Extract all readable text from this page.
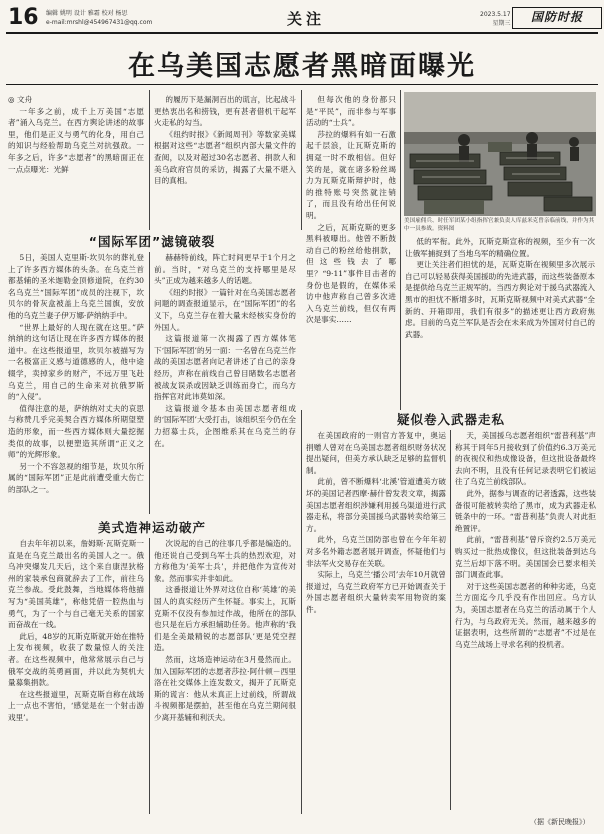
16 编辑 姚明 设计 雅霜 校对 杨思
e-mail:mrshl@454967431@qq.com	关注	2023.5.17
星期三	国防时报
在乌美国志愿者黑暗面曝光

◎ 文舟

一年多之前，成千上万美国“志愿者”涌入乌克兰。在西方舆论讲述的故事里，他们是正义与勇气的化身，用自己的知识与经验帮助乌克兰对抗强敌。一年多之后，许多“志愿者”的黑暗面正在一点点曝光：光鲜

的履历下是漏洞百出的谎言，比起战斗更热衷出名和捞钱，更有甚者借机干起军火走私的勾当。

《纽约时报》《新闻周刊》等数家美媒根据对这些“志愿者”组织内部大量文件的查阅，以及对超过30名志愿者、捐款人和美乌政府官员的采访，揭露了大量不堪入目的真相。

但每次他的身份都只是“平民”，而非参与军事活动的“士兵”。

莎拉的爆料有如一石激起千层浪，让瓦斯克斯的拥趸一时不敢相信。但好笑的是，就在诸多粉丝竭力为瓦斯克斯辩护时，他的推特账号突然就注销了，而且没有给出任何说明。

之后，瓦斯克斯的更多黑料被曝出。他曾不断鼓动自己的粉丝给他捐款，但这些钱去了哪里？“9·11”事件目击者的身份也是假的，在媒体采访中他声称自己曾多次进入乌克兰前线，但仅有两次是事实……

美国雇佣兵、时任军团某小组指挥官兼负责人库兹米克曾亲临前线，并作为其中一员参战。资料图

低的军衔。此外，瓦斯克斯宣称的视频，至少有一次让俄军捕捉到了当地乌军的精确位置。

更让关注者们担忧的是，瓦斯克斯在视频里多次展示自己可以轻易获得美国援助的先进武器，而这些装备原本是提供给乌克兰正规军的。当西方舆论对于援乌武器流入黑市的担忧不断增多时，瓦斯克斯视频中对美式武器“全新的、开箱即用，我们有很多”的描述更让西方政府焦虑。目前的乌克兰军队是否会在未来成为外国对付自己的武器。

“国际军团”滤镜破裂

5日，美国人克里斯·坎贝尔的葬礼登上了许多西方媒体的头条。在乌克兰首都基辅的圣米迦勒金顶修道院，在约30名乌克兰“国际军团”成员的注视下，坎贝尔的骨灰盒被盖上乌克兰国旗，安放他的乌克兰妻子伊万娜·萨纳纳手中。

“世界上最好的人现在就在这里。”萨纳纳的这句话让现在许多西方媒体的报道中。在这些报道里，坎贝尔被描写为一名极富正义感与道德感的人，他中途辍学，卖掉家乡的财产，不远万里飞赴乌克兰，用自己的生命来对抗俄罗斯的“入侵”。

值得注意的是，萨纳纳对丈夫的哀思与称赞几乎完美契合西方媒体所期望塑造的形象，而一些西方媒体则大量挖掘类似的故事，以便塑造其所谓“正义之师”的光辉形象。

另一个不容忽视的细节是，坎贝尔所属的“国际军团”正是此前遭受重大伤亡的部队之一。

赫赫特前线，阵亡时间更早于1个月之前。当时，“对乌克兰的支持哪里是尽头”正成为越来越多人的话题。

《纽约时报》一篇针对在乌美国志愿者问题的调查报道显示，在“国际军团”的名义下，乌克兰存在着大量未经核实身份的外国人。

这篇报道第一次揭露了西方媒体笔下‘国际军团’的另一面：一名曾在乌克兰作战的美国志愿者向记者讲述了自己的亲身经历，声称在前线自己曾目睹数名志愿者被战友误杀或因缺乏训练而身亡，而乌方指挥官对此讳莫如深。

这篇报道令基本由美国志愿者组成的‘国际军团’大受打击，该组织至今仍在全力招募士兵，企图维系其在乌克兰的存在。

疑似卷入武器走私

在美国政府的一则官方答复中，奥运捐赠人曾对在乌美国志愿者组织财务状况提出疑问，但美方承认缺乏足够的监督机制。

此前，曾不断爆料‘北溪’管道遭美方破坏的美国记者西摩·赫什曾发表文章，揭露美国志愿者组织涉嫌利用援乌渠道进行武器走私，将部分美国援乌武器转卖给第三方。

此外，乌克兰国防部也曾在今年年初对多名外籍志愿者展开调查，怀疑他们与非法军火交易存在关联。

实际上，乌克兰‘播公司’去年10月就曾报道过，乌克兰政府军方已开始调查关于外国志愿者组织大量转卖军用物资的案件。

天，美国援乌志愿者组织“雷普利基”声称其于同年5月接收到了价值约6.3万美元的夜视仪和热成像设备，但这批设备最终去向不明，且没有任何记录表明它们被运往了乌克兰前线部队。

此外，据参与调查的记者透露，这些装备很可能被转卖给了黑市，成为武器走私链条中的一环。“雷普利基”负责人对此拒绝置评。

此前，“雷普利基”曾斥资约2.5万美元购买过一批热成像仪，但这批装备到达乌克兰后却下落不明。美国国会已要求相关部门调查此事。

对于这些美国志愿者的种种劣迹，乌克兰方面迄今几乎没有作出回应。乌方认为，美国志愿者在乌克兰的活动属于个人行为，与乌政府无关。然而，越来越多的证据表明，这些所谓的“志愿者”不过是在乌克兰战场上寻求名利的投机者。

美式造神运动破产

自去年年初以来，詹姆斯·瓦斯克斯一直是在乌克兰最出名的美国人之一。俄乌冲突爆发几天后，这个来自康涅狄格州的家装承包商就辞去了工作，前往乌克兰参战。受此鼓舞，当地媒体将他描写为“美国英雄”，称他凭借一腔热血与勇气，为了一个与自己毫无关系的国家而奋战在一线。

此后，48岁的瓦斯克斯就开始在推特上发布视频，收获了数量惊人的关注者。在这些视频中，他常常展示自己与俄军交战的英勇画面，并以此为契机大量募集捐款。

在这些报道里，瓦斯克斯自称在战场上一点也不害怕，‘感觉是在一个射击游戏里’。

次说起的自己的往事几乎都是编造的。他还说自己受到乌军士兵的热烈欢迎，对方称他为‘美军士兵’，并把他作为宣传对象。然而事实并非如此。

这番报道让外界对这位自称‘英雄’的美国人的真实经历产生怀疑。事实上，瓦斯克斯不仅没有参加过作战，他所在的部队也只是在后方承担辅助任务。他声称的‘我们是全美最精锐的志愿部队’更是凭空捏造。

然而，这场造神运动在3月曼然而止。加入国际军团的志愿者莎拉·阿什顿－西里洛在社交媒体上连发数文，揭开了瓦斯克斯的谎言：他从未真正上过前线，所谓战斗视频都是摆拍，甚至他在乌克兰期间很少离开基辅和利沃夫。

（据《新民晚报》）
